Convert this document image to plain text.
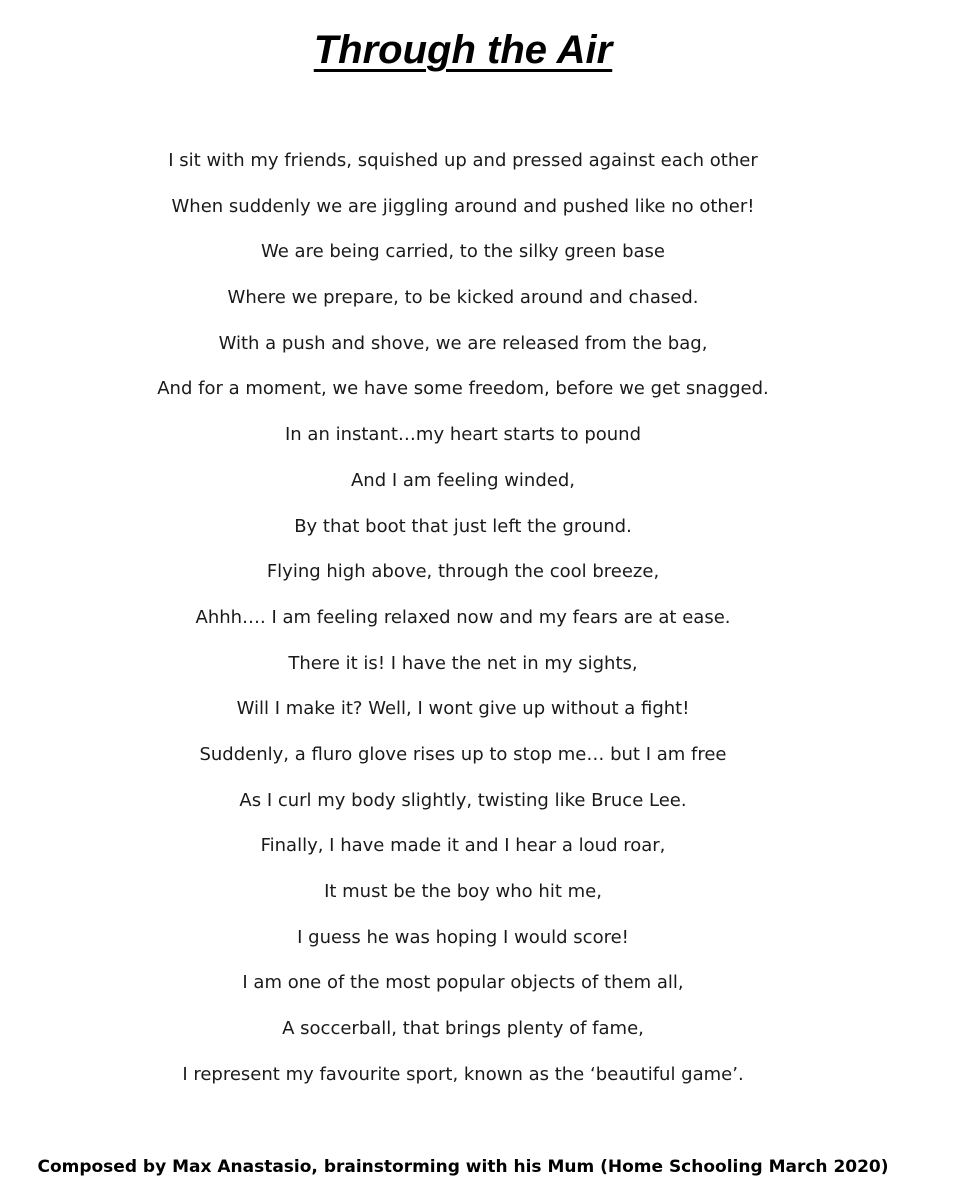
Through the Air
I sit with my friends, squished up and pressed against each other
When suddenly we are jiggling around and pushed like no other!
We are being carried, to the silky green base
Where we prepare, to be kicked around and chased.
With a push and shove, we are released from the bag,
And for a moment, we have some freedom, before we get snagged.
In an instant…my heart starts to pound
And I am feeling winded,
By that boot that just left the ground.
Flying high above, through the cool breeze,
Ahhh…. I am feeling relaxed now and my fears are at ease.
There it is! I have the net in my sights,
Will I make it? Well, I wont give up without a fight!
Suddenly, a fluro glove rises up to stop me… but I am free
As I curl my body slightly, twisting like Bruce Lee.
Finally, I have made it and I hear a loud roar,
It must be the boy who hit me,
I guess he was hoping I would score!
I am one of the most popular objects of them all,
A soccerball, that brings plenty of fame,
I represent my favourite sport, known as the ‘beautiful game’.

Composed by Max Anastasio, brainstorming with his Mum (Home Schooling March 2020)
